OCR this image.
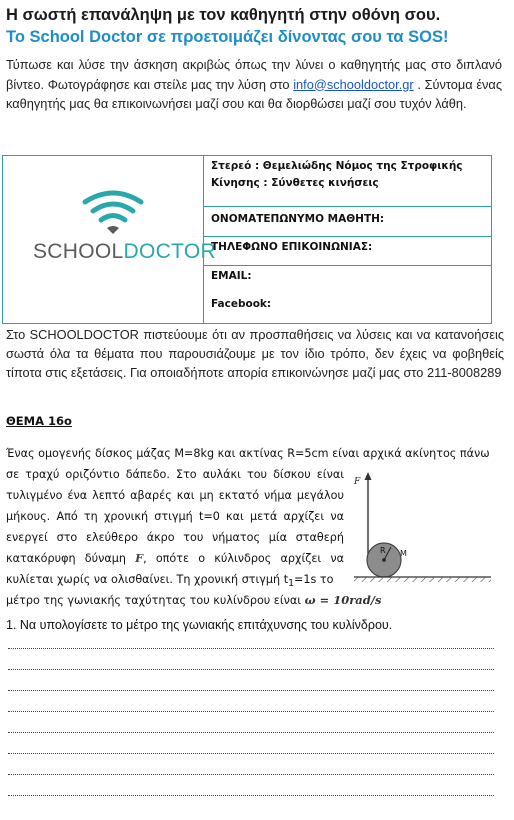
Η σωστή επανάληψη με τον καθηγητή στην οθόνη σου.
Το School Doctor σε προετοιμάζει δίνοντας σου τα SOS!
Τύπωσε και λύσε την άσκηση ακριβώς όπως την λύνει ο καθηγητής μας στο διπλανό βίντεο. Φωτογράφησε και στείλε μας την λύση στο info@schooldoctor.gr . Σύντομα ένας καθηγητής μας θα επικοινωνήσει μαζί σου και θα διορθώσει μαζί σου τυχόν λάθη.
SCHOOLDOCTOR
Στερεό : Θεμελιώδης Νόμος της Στροφικής
Κίνησης : Σύνθετες κινήσεις
ΟΝΟΜΑΤΕΠΩΝΥΜΟ ΜΑΘΗΤΗ:
ΤΗΛΕΦΩΝΟ ΕΠΙΚΟΙΝΩΝΙΑΣ:
EMAIL:
Facebook:
Στο SCHOOLDOCTOR πιστεύουμε ότι αν προσπαθήσεις να λύσεις και να κατανοήσεις σωστά όλα τα θέματα που παρουσιάζουμε με τον ίδιο τρόπο, δεν έχεις να φοβηθείς τίποτα στις εξετάσεις. Για οποιαδήποτε απορία επικοινώνησε μαζί μας στο 211-8008289
ΘΕΜΑ 16ο
Ένας ομογενής δίσκος μάζας Μ=8kg και ακτίνας R=5cm είναι αρχικά ακίνητος πάνω
σε τραχύ οριζόντιο δάπεδο. Στο αυλάκι του δίσκου είναι τυλιγμένο ένα λεπτό αβαρές και μη εκτατό νήμα μεγάλου μήκους. Από τη χρονική στιγμή t=0 και μετά αρχίζει να ενεργεί στο ελεύθερο άκρο του νήματος μία σταθερή κατακόρυφη δύναμη F, οπότε ο κύλινδρος αρχίζει να κυλίεται χωρίς να ολισθαίνει. Τη χρονική στιγμή $t_1=1s$ το
μέτρο της γωνιακής ταχύτητας του κυλίνδρου είναι ω = 10rad/s
F
R M
1. Να υπολογίσετε το μέτρο της γωνιακής επιτάχυνσης του κυλίνδρου.
